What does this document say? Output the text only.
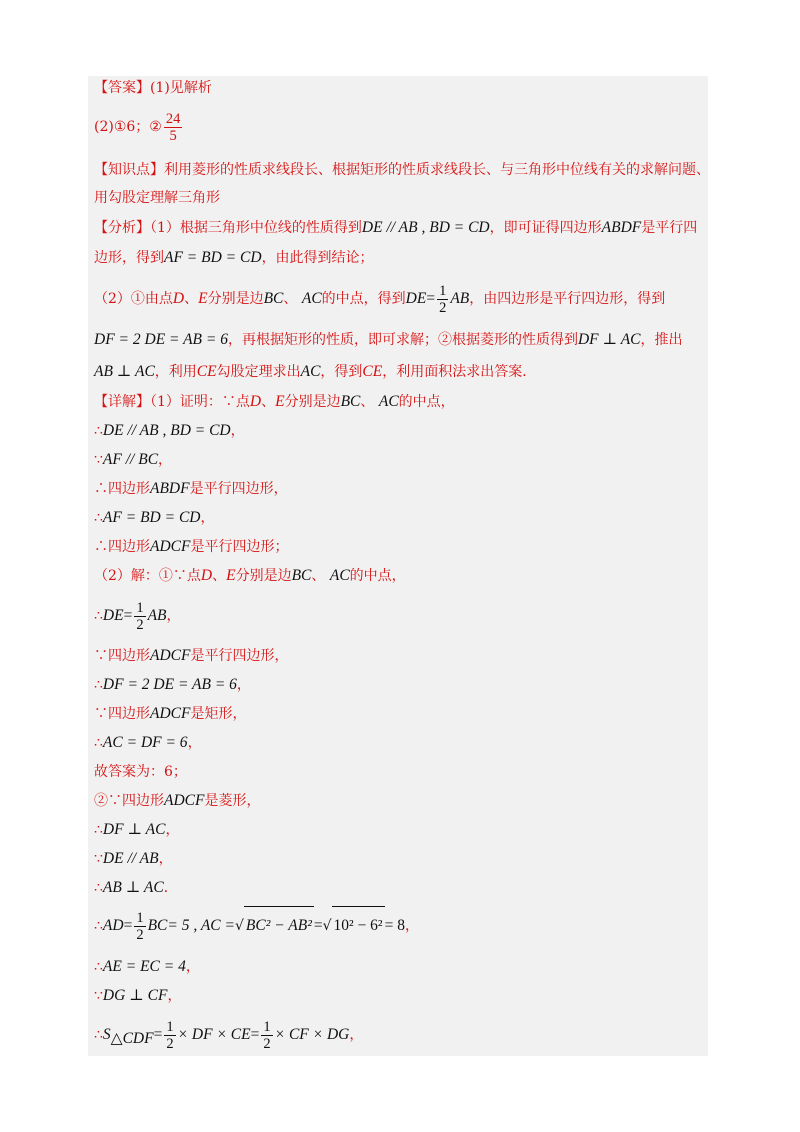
【答案】(1)见解析
(2)①6；② $\frac{24}{5}$
【知识点】利用菱形的性质求线段长、根据矩形的性质求线段长、与三角形中位线有关的求解问题、
用勾股定理解三角形
【分析】（1）根据三角形中位线的性质得到DE // AB , BD = CD，即可证得四边形ABDF是平行四
边形，得到AF = BD = CD，由此得到结论；
（2）①由点D、E分别是边BC、 AC的中点，得到$DE= \frac{1}{2}$ AB，由四边形是平行四边形，得到
DF = 2 DE = AB = 6，再根据矩形的性质，即可求解；②根据菱形的性质得到DF ⊥ AC，推出
AB ⊥ AC，利用CE勾股定理求出AC，得到CE，利用面积法求出答案．
【详解】（1）证明：∵点D、E分别是边BC、 AC的中点，
∴DE // AB , BD = CD，
∵AF // BC，
∴四边形ABDF是平行四边形，
∴AF = BD = CD，
∴四边形ADCF是平行四边形；
（2）解：①∵点D、E分别是边BC、 AC的中点，
∴DE= $\frac{1}{2}$ AB，
∵四边形ADCF是平行四边形，
∴DF = 2 DE = AB = 6，
∵四边形ADCF是矩形，
∴AC = DF = 6，
故答案为：6；
②∵四边形ADCF是菱形，
∴DF ⊥ AC，
∵DE // AB，
∴AB ⊥ AC．
∴AD= $\frac{1}{2} BC= 5$ , AC =√ BC² − AB² =√ 10² − 6² = 8，
∴AE = EC = 4，
∵DG ⊥ CF，
$\therefore S_{\triangle CDF}= \frac{1}{2}$ × DF × $CE= \frac{1}{2}$ × CF × DG，
